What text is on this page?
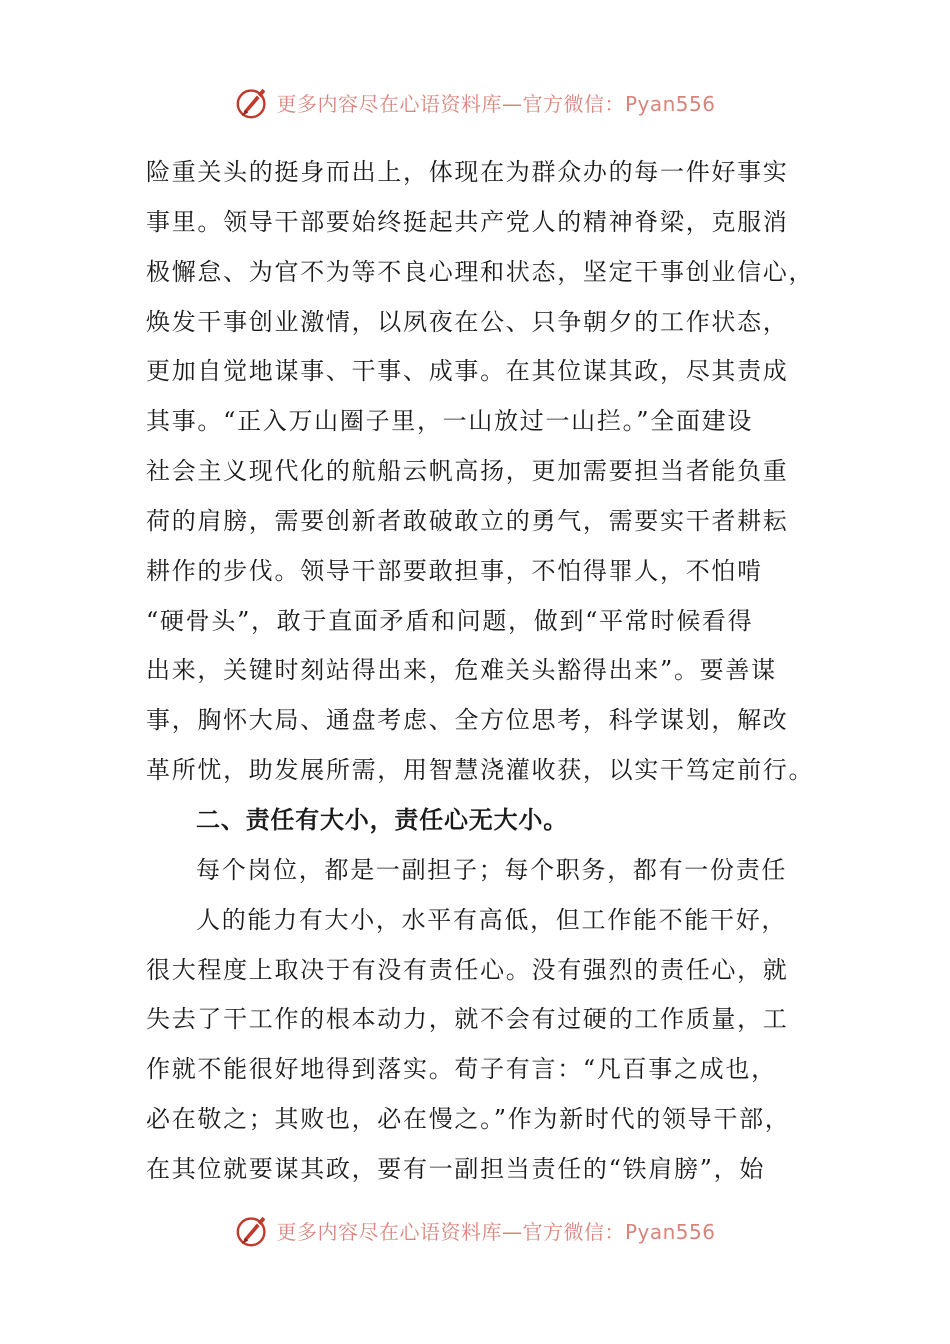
更多内容尽在心语资料库—官方微信：Pyan556
险重关头的挺身而出上，体现在为群众办的每一件好事实
事里。领导干部要始终挺起共产党人的精神脊梁，克服消
极懈怠、为官不为等不良心理和状态，坚定干事创业信心，
焕发干事创业激情，以夙夜在公、只争朝夕的工作状态，
更加自觉地谋事、干事、成事。在其位谋其政，尽其责成
其事。“正入万山圈子里，一山放过一山拦。”全面建设
社会主义现代化的航船云帆高扬，更加需要担当者能负重
荷的肩膀，需要创新者敢破敢立的勇气，需要实干者耕耘
耕作的步伐。领导干部要敢担事，不怕得罪人，不怕啃
“硬骨头”，敢于直面矛盾和问题，做到“平常时候看得
出来，关键时刻站得出来，危难关头豁得出来”。要善谋
事，胸怀大局、通盘考虑、全方位思考，科学谋划，解改
革所忧，助发展所需，用智慧浇灌收获，以实干笃定前行。
二、责任有大小，责任心无大小。
每个岗位，都是一副担子；每个职务，都有一份责任
人的能力有大小，水平有高低，但工作能不能干好，
很大程度上取决于有没有责任心。没有强烈的责任心，就
失去了干工作的根本动力，就不会有过硬的工作质量，工
作就不能很好地得到落实。荀子有言：“凡百事之成也，
必在敬之；其败也，必在慢之。”作为新时代的领导干部，
在其位就要谋其政，要有一副担当责任的“铁肩膀”，始
更多内容尽在心语资料库—官方微信：Pyan556
